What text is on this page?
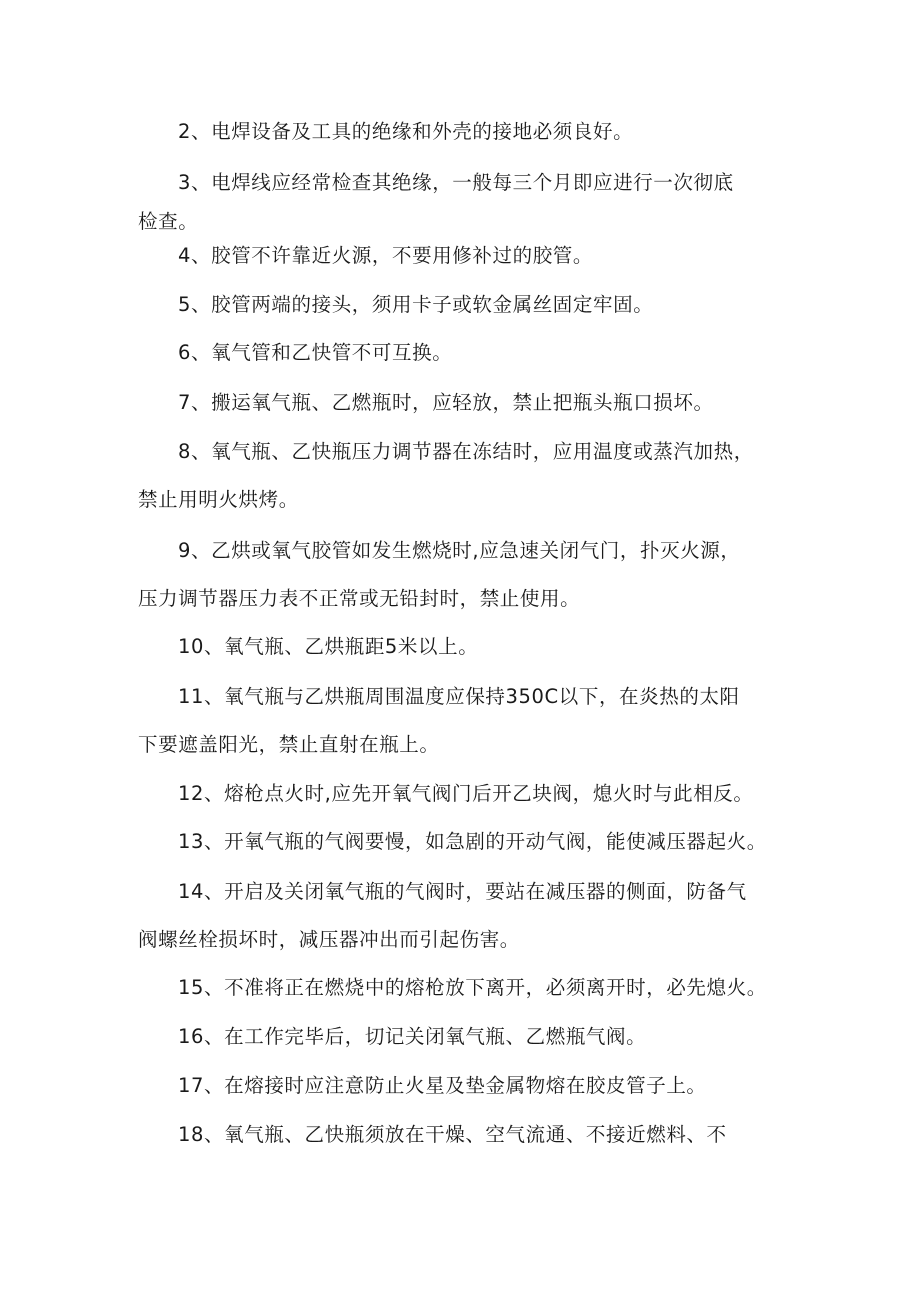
2、电焊设备及工具的绝缘和外壳的接地必须良好。

3、电焊线应经常检查其绝缘，一般每三个月即应进行一次彻底
检查。

4、胶管不许靠近火源，不要用修补过的胶管。

5、胶管两端的接头，须用卡子或软金属丝固定牢固。

6、氧气管和乙快管不可互换。

7、搬运氧气瓶、乙燃瓶时，应轻放，禁止把瓶头瓶口损坏。

8、氧气瓶、乙快瓶压力调节器在冻结时，应用温度或蒸汽加热，
禁止用明火烘烤。

9、乙烘或氧气胶管如发生燃烧时,应急速关闭气门，扑灭火源，
压力调节器压力表不正常或无铅封时，禁止使用。

10、氧气瓶、乙烘瓶距5米以上。

11、氧气瓶与乙烘瓶周围温度应保持350C以下，在炎热的太阳
下要遮盖阳光，禁止直射在瓶上。

12、熔枪点火时,应先开氧气阀门后开乙块阀，熄火时与此相反。

13、开氧气瓶的气阀要慢，如急剧的开动气阀，能使减压器起火。

14、开启及关闭氧气瓶的气阀时，要站在减压器的侧面，防备气
阀螺丝栓损坏时，减压器冲出而引起伤害。

15、不准将正在燃烧中的熔枪放下离开，必须离开时，必先熄火。

16、在工作完毕后，切记关闭氧气瓶、乙燃瓶气阀。

17、在熔接时应注意防止火星及垫金属物熔在胶皮管子上。

18、氧气瓶、乙快瓶须放在干燥、空气流通、不接近燃料、不
